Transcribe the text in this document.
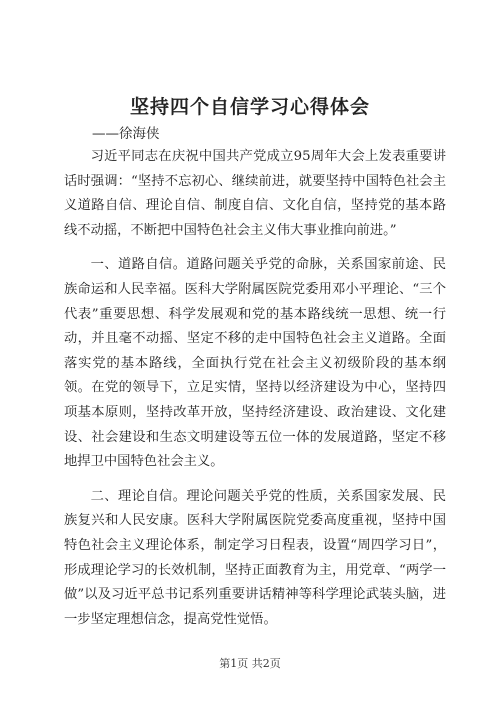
坚持四个自信学习心得体会
——徐海侠

习近平同志在庆祝中国共产党成立95周年大会上发表重要讲话时强调：“坚持不忘初心、继续前进，就要坚持中国特色社会主义道路自信、理论自信、制度自信、文化自信，坚持党的基本路线不动摇，不断把中国特色社会主义伟大事业推向前进。”

一、道路自信。道路问题关乎党的命脉，关系国家前途、民族命运和人民幸福。医科大学附属医院党委用邓小平理论、“三个代表”重要思想、科学发展观和党的基本路线统一思想、统一行动，并且毫不动摇、坚定不移的走中国特色社会主义道路。全面落实党的基本路线，全面执行党在社会主义初级阶段的基本纲领。在党的领导下，立足实情，坚持以经济建设为中心，坚持四项基本原则，坚持改革开放，坚持经济建设、政治建设、文化建设、社会建设和生态文明建设等五位一体的发展道路，坚定不移地捍卫中国特色社会主义。

二、理论自信。理论问题关乎党的性质，关系国家发展、民族复兴和人民安康。医科大学附属医院党委高度重视，坚持中国特色社会主义理论体系，制定学习日程表，设置“周四学习日”，形成理论学习的长效机制，坚持正面教育为主，用党章、“两学一做”以及习近平总书记系列重要讲话精神等科学理论武装头脑，进一步坚定理想信念，提高党性觉悟。

第1页 共2页
